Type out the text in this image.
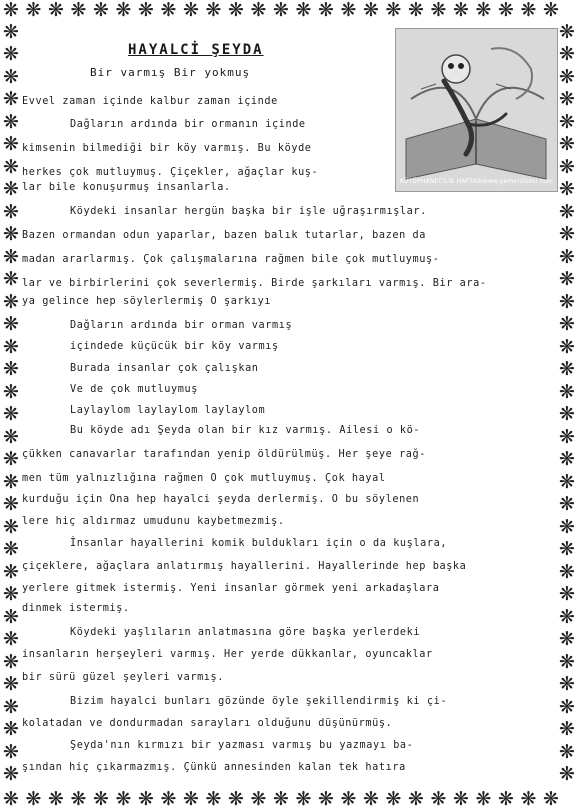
❋
❋
❋
❋
❋
❋
❋
❋
❋
❋
❋
❋
❋
❋
❋
❋
❋
❋
❋
❋
❋
❋
❋
❋
❋
❋
❋
❋
❋
❋
❋
❋
❋
❋
❋
❋
❋
❋
❋
❋
❋
❋
❋
❋
❋
❋
❋
❋
❋
❋
❋	❋
❋	❋
❋	❋
❋	❋
❋	❋
❋	❋
❋	❋
❋	❋
❋	❋
❋	❋
❋	❋
❋	❋
❋	❋
❋	❋
❋	❋
❋	❋
❋	❋
❋	❋
❋	❋
❋	❋
❋	❋
❋	❋
❋	❋
❋	❋
❋	❋
❋	❋
❋	❋
❋	❋
❋	❋
❋	❋
❋	❋
❋	❋
❋	❋
❋	❋
HAYALCİ ŞEYDA
Bir varmış Bir yokmuş
KÜTÜPHANECİLİK HAFTASI www.yemenlisesi.com
Evvel zaman içinde kalbur zaman içinde
Dağların ardında bir ormanın içinde
kimsenin bilmediği bir köy varmış. Bu köyde
herkes çok mutluymuş. Çiçekler, ağaçlar kuş-
lar bile konuşurmuş insanlarla.
Köydeki insanlar hergün başka bir işle uğraşırmışlar.
Bazen ormandan odun yaparlar, bazen balık tutarlar, bazen da
madan ararlarmış. Çok çalışmalarına rağmen bile çok mutluymuş-
lar ve birbirlerini çok severlermiş. Birde şarkıları varmış. Bir ara-
ya gelince hep söylerlermiş O şarkıyı
Dağların ardında bir orman varmış
içindede küçücük bir köy varmış
Burada insanlar çok çalışkan
Ve de çok mutluymuş
Laylaylom laylaylom laylaylom
Bu köyde adı Şeyda olan bir kız varmış. Ailesi o kö-
çükken canavarlar tarafından yenip öldürülmüş. Her şeye rağ-
men tüm yalnızlığına rağmen O çok mutluymuş. Çok hayal
kurduğu için Ona hep hayalci şeyda derlermiş. O bu söylenen
lere hiç aldırmaz umudunu kaybetmezmiş.
İnsanlar hayallerini komik buldukları için o da kuşlara,
çiçeklere, ağaçlara anlatırmış hayallerini. Hayallerinde hep başka
yerlere gitmek istermiş. Yeni insanlar görmek yeni arkadaşlara
dinmek istermiş.
Köydeki yaşlıların anlatmasına göre başka yerlerdeki
insanların herşeyleri varmış. Her yerde dükkanlar, oyuncaklar
bir sürü güzel şeyleri varmış.
Bizim hayalci bunları gözünde öyle şekillendirmiş ki çi-
kolatadan ve dondurmadan sarayları olduğunu düşünürmüş.
Şeyda'nın kırmızı bir yazması varmış bu yazmayı ba-
şından hiç çıkarmazmış. Çünkü annesinden kalan tek hatıra
